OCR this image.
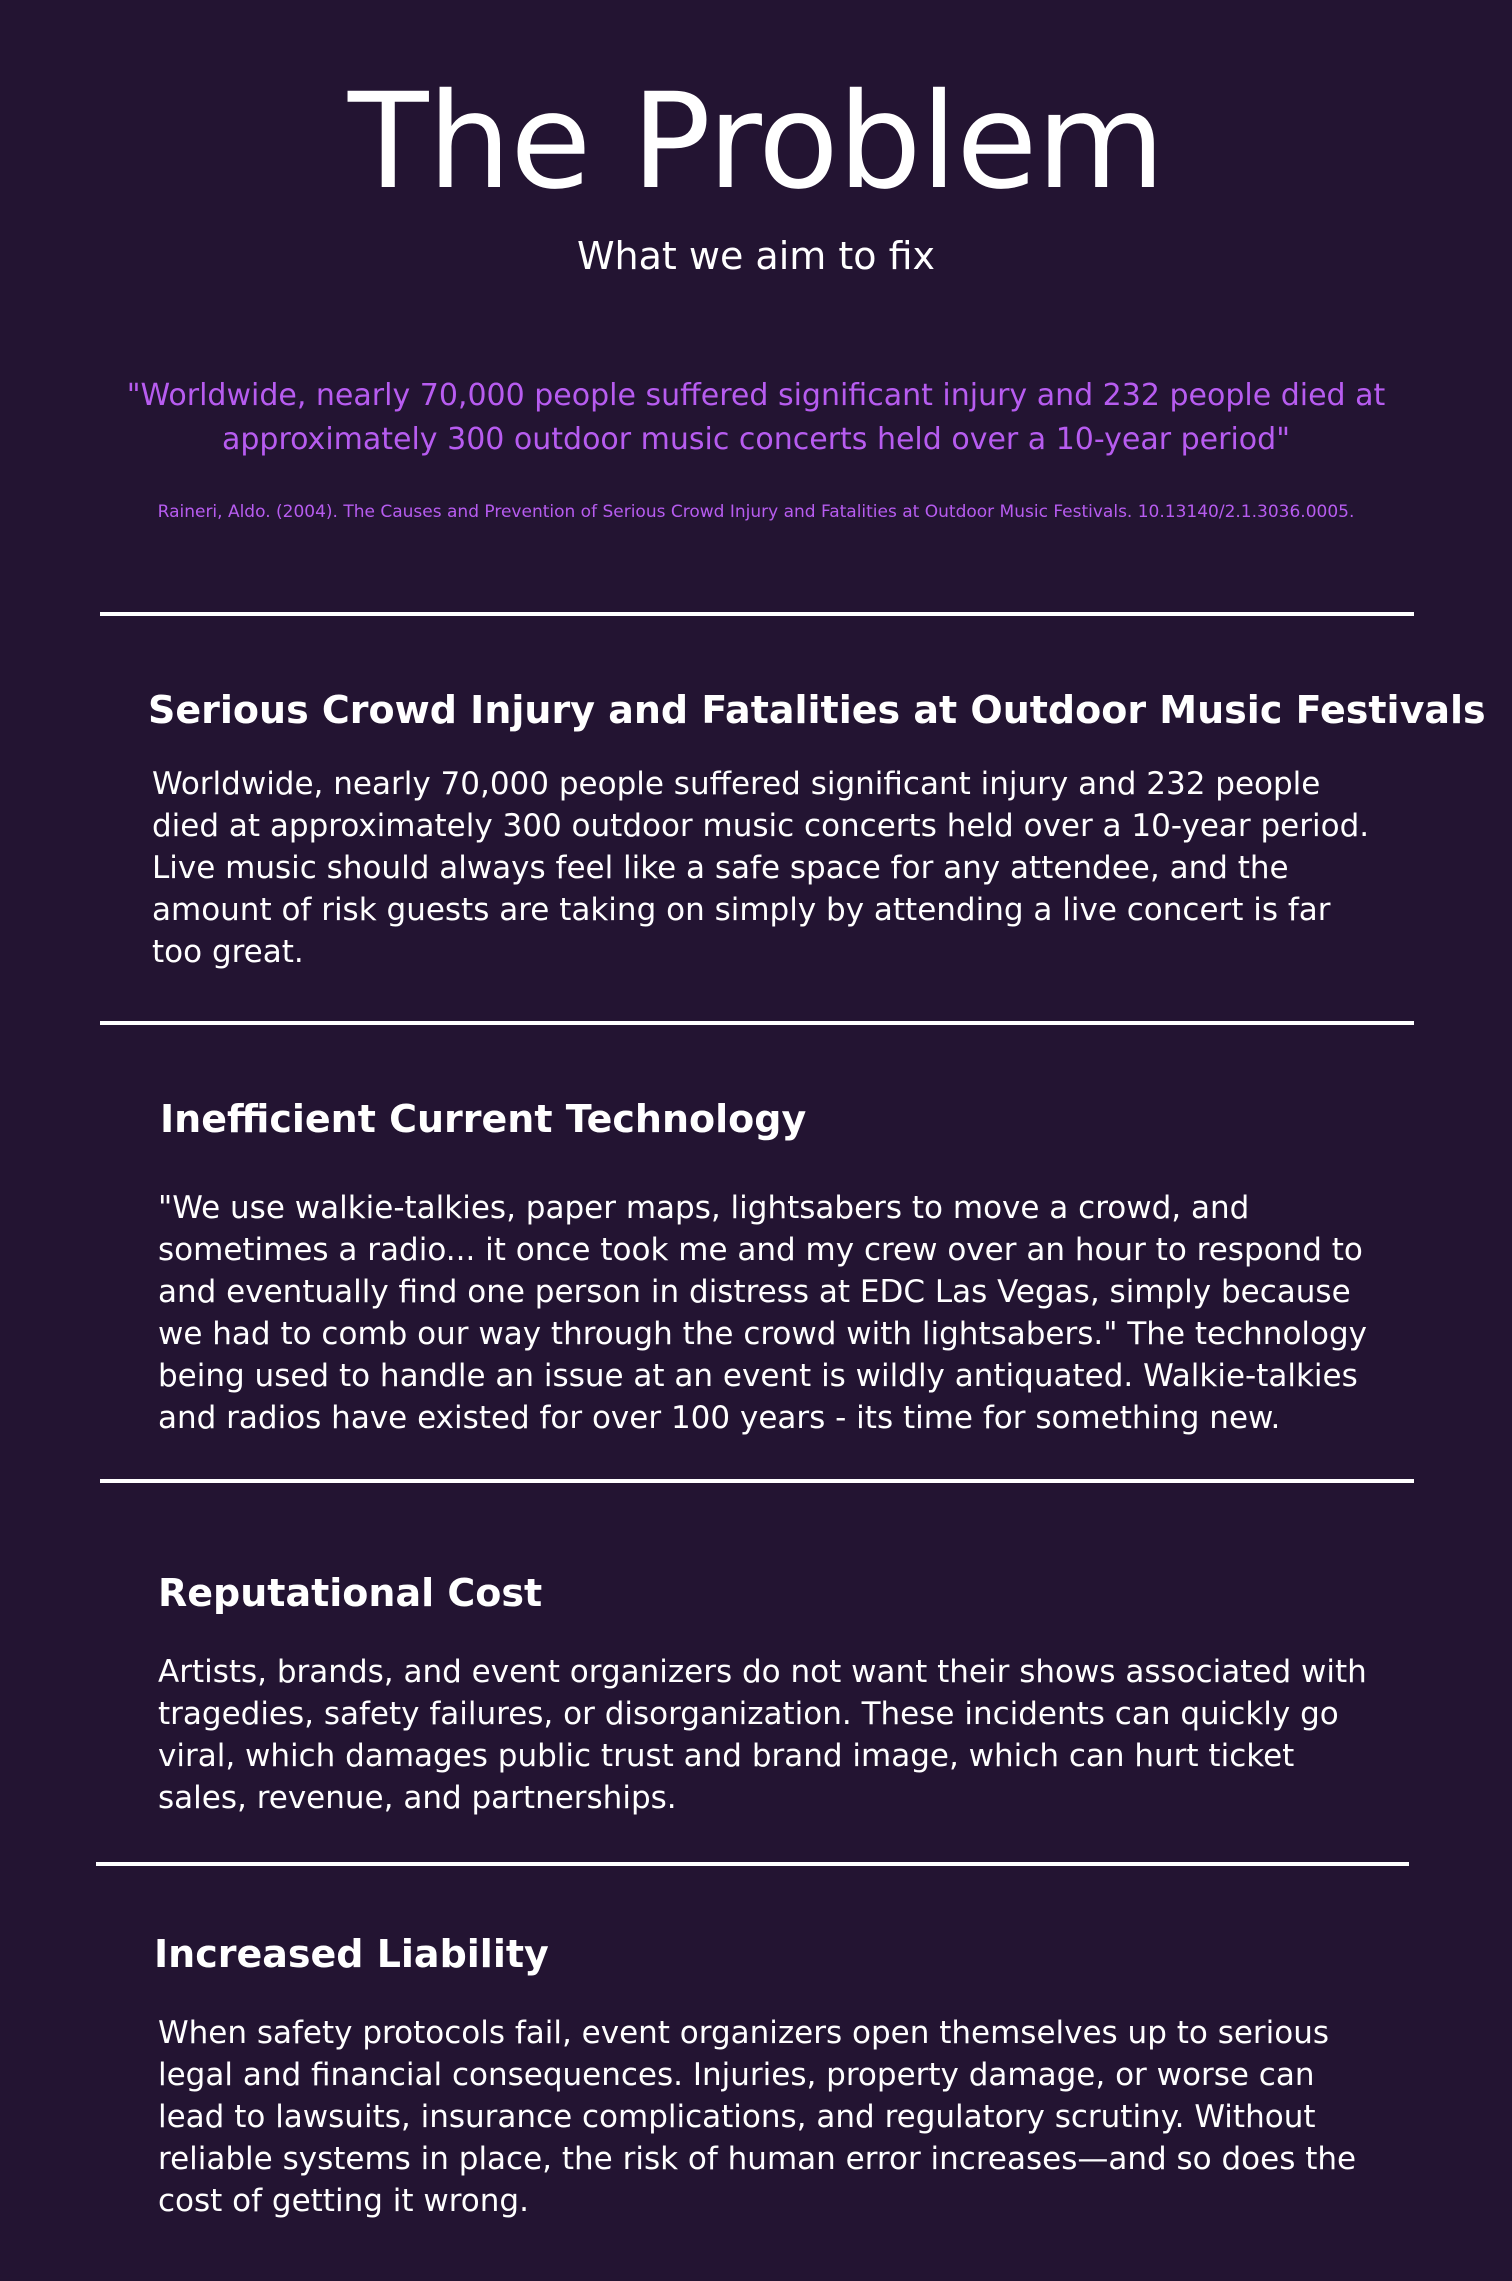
The Problem
What we aim to fix

"Worldwide, nearly 70,000 people suffered significant injury and 232 people died at approximately 300 outdoor music concerts held over a 10-year period"

Raineri, Aldo. (2004). The Causes and Prevention of Serious Crowd Injury and Fatalities at Outdoor Music Festivals. 10.13140/2.1.3036.0005.

Serious Crowd Injury and Fatalities at Outdoor Music Festivals

Worldwide, nearly 70,000 people suffered significant injury and 232 people died at approximately 300 outdoor music concerts held over a 10-year period. Live music should always feel like a safe space for any attendee, and the amount of risk guests are taking on simply by attending a live concert is far too great.

Inefficient Current Technology

"We use walkie-talkies, paper maps, lightsabers to move a crowd, and sometimes a radio... it once took me and my crew over an hour to respond to and eventually find one person in distress at EDC Las Vegas, simply because we had to comb our way through the crowd with lightsabers." The technology being used to handle an issue at an event is wildly antiquated. Walkie-talkies and radios have existed for over 100 years - its time for something new.

Reputational Cost

Artists, brands, and event organizers do not want their shows associated with tragedies, safety failures, or disorganization. These incidents can quickly go viral, which damages public trust and brand image, which can hurt ticket sales, revenue, and partnerships.

Increased Liability

When safety protocols fail, event organizers open themselves up to serious legal and financial consequences. Injuries, property damage, or worse can lead to lawsuits, insurance complications, and regulatory scrutiny. Without reliable systems in place, the risk of human error increases—and so does the cost of getting it wrong.
